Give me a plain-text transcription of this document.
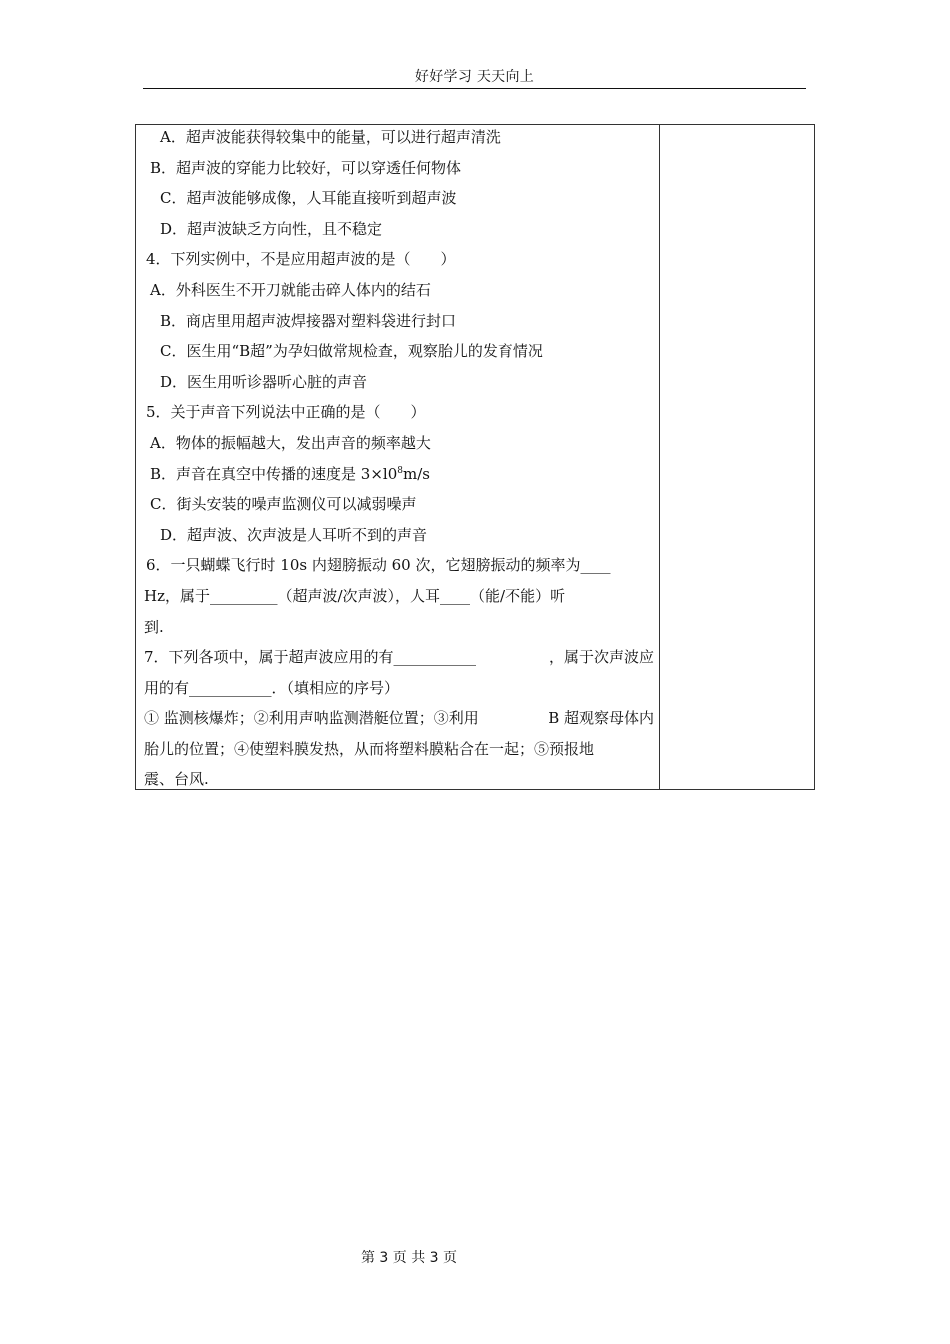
好好学习 天天向上
A．超声波能获得较集中的能量，可以进行超声清洗
B．超声波的穿能力比较好，可以穿透任何物体
C．超声波能够成像，人耳能直接听到超声波
D．超声波缺乏方向性，且不稳定
4．下列实例中，不是应用超声波的是（　　）
A．外科医生不开刀就能击碎人体内的结石
B．商店里用超声波焊接器对塑料袋进行封口
C．医生用“B超”为孕妇做常规检查，观察胎儿的发育情况
D．医生用听诊器听心脏的声音
5．关于声音下列说法中正确的是（　　）
A．物体的振幅越大，发出声音的频率越大
B．声音在真空中传播的速度是 $3\times l0^8m/s$
C．街头安装的噪声监测仪可以减弱噪声
D．超声波、次声波是人耳听不到的声音
6．一只蝴蝶飞行时 10s 内翅膀振动 60 次，它翅膀振动的频率为____
Hz，属于_________（超声波/次声波），人耳____（能/不能）听
到.
7．下列各项中，属于超声波应用的有___________	，属于次声波应
用的有___________．（填相应的序号）
① 监测核爆炸；②利用声呐监测潜艇位置；③利用	B 超观察母体内
胎儿的位置；④使塑料膜发热，从而将塑料膜粘合在一起；⑤预报地
震、台风.
第 3 页 共 3 页
